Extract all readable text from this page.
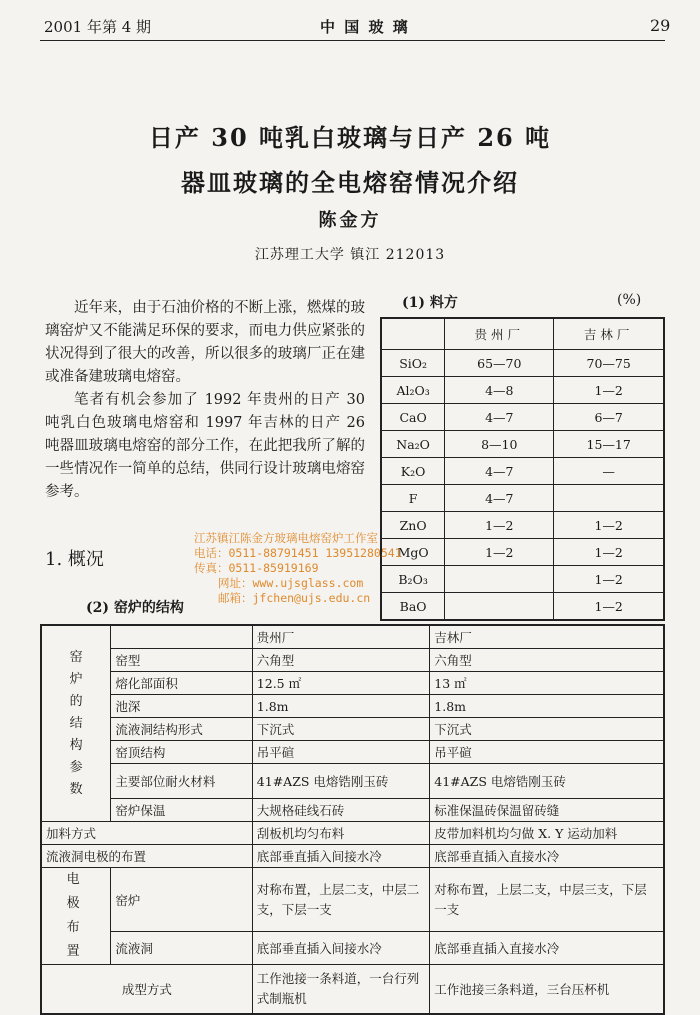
2001 年第 4 期	中 国 玻 璃	29
日产 30 吨乳白玻璃与日产 26 吨
器皿玻璃的全电熔窑情况介绍
陈金方
江苏理工大学 镇江 212013

近年来，由于石油价格的不断上涨，燃煤的玻璃窑炉又不能满足环保的要求，而电力供应紧张的状况得到了很大的改善，所以很多的玻璃厂正在建或准备建玻璃电熔窑。

笔者有机会参加了 1992 年贵州的日产 30 吨乳白色玻璃电熔窑和 1997 年吉林的日产 26 吨器皿玻璃电熔窑的部分工作，在此把我所了解的一些情况作一简单的总结，供同行设计玻璃电熔窑参考。

1. 概况
(1) 料方	(%)
	贵州厂	吉林厂
SiO₂	65—70	70—75
Al₂O₃	4—8	1—2
CaO	4—7	6—7
Na₂O	8—10	15—17
K₂O	4—7	—
F	4—7	
ZnO	1—2	1—2
MgO	1—2	1—2
B₂O₃		1—2
BaO		1—2
(2) 窑炉的结构
窑炉的结构参数		贵州厂	吉林厂
	窑型	六角型	六角型
	熔化部面积	12.5 ㎡	13 ㎡
	池深	1.8m	1.8m
	流液洞结构形式	下沉式	下沉式
	窑顶结构	吊平碹	吊平碹
	主要部位耐火材料	41#AZS 电熔锆刚玉砖	41#AZS 电熔锆刚玉砖
	窑炉保温	大规格硅线石砖	标准保温砖保温留砖缝
加料方式		刮板机均匀布料	皮带加料机均匀做 X. Y 运动加料
流液洞电极的布置		底部垂直插入间接水冷	底部垂直插入直接水冷
电极布置	窑炉	对称布置，上层二支，中层二支，下层一支	对称布置，上层二支，中层三支，下层一支
	流液洞	底部垂直插入间接水冷	底部垂直插入直接水冷
成型方式		工作池接一条料道，一台行列式制瓶机	工作池接三条料道，三台压杯机
江苏镇江陈金方玻璃电熔窑炉工作室
电话：0511-88791451 13951280541
传真：0511-85919169
网址：www.ujsglass.com
邮箱：jfchen@ujs.edu.cn
